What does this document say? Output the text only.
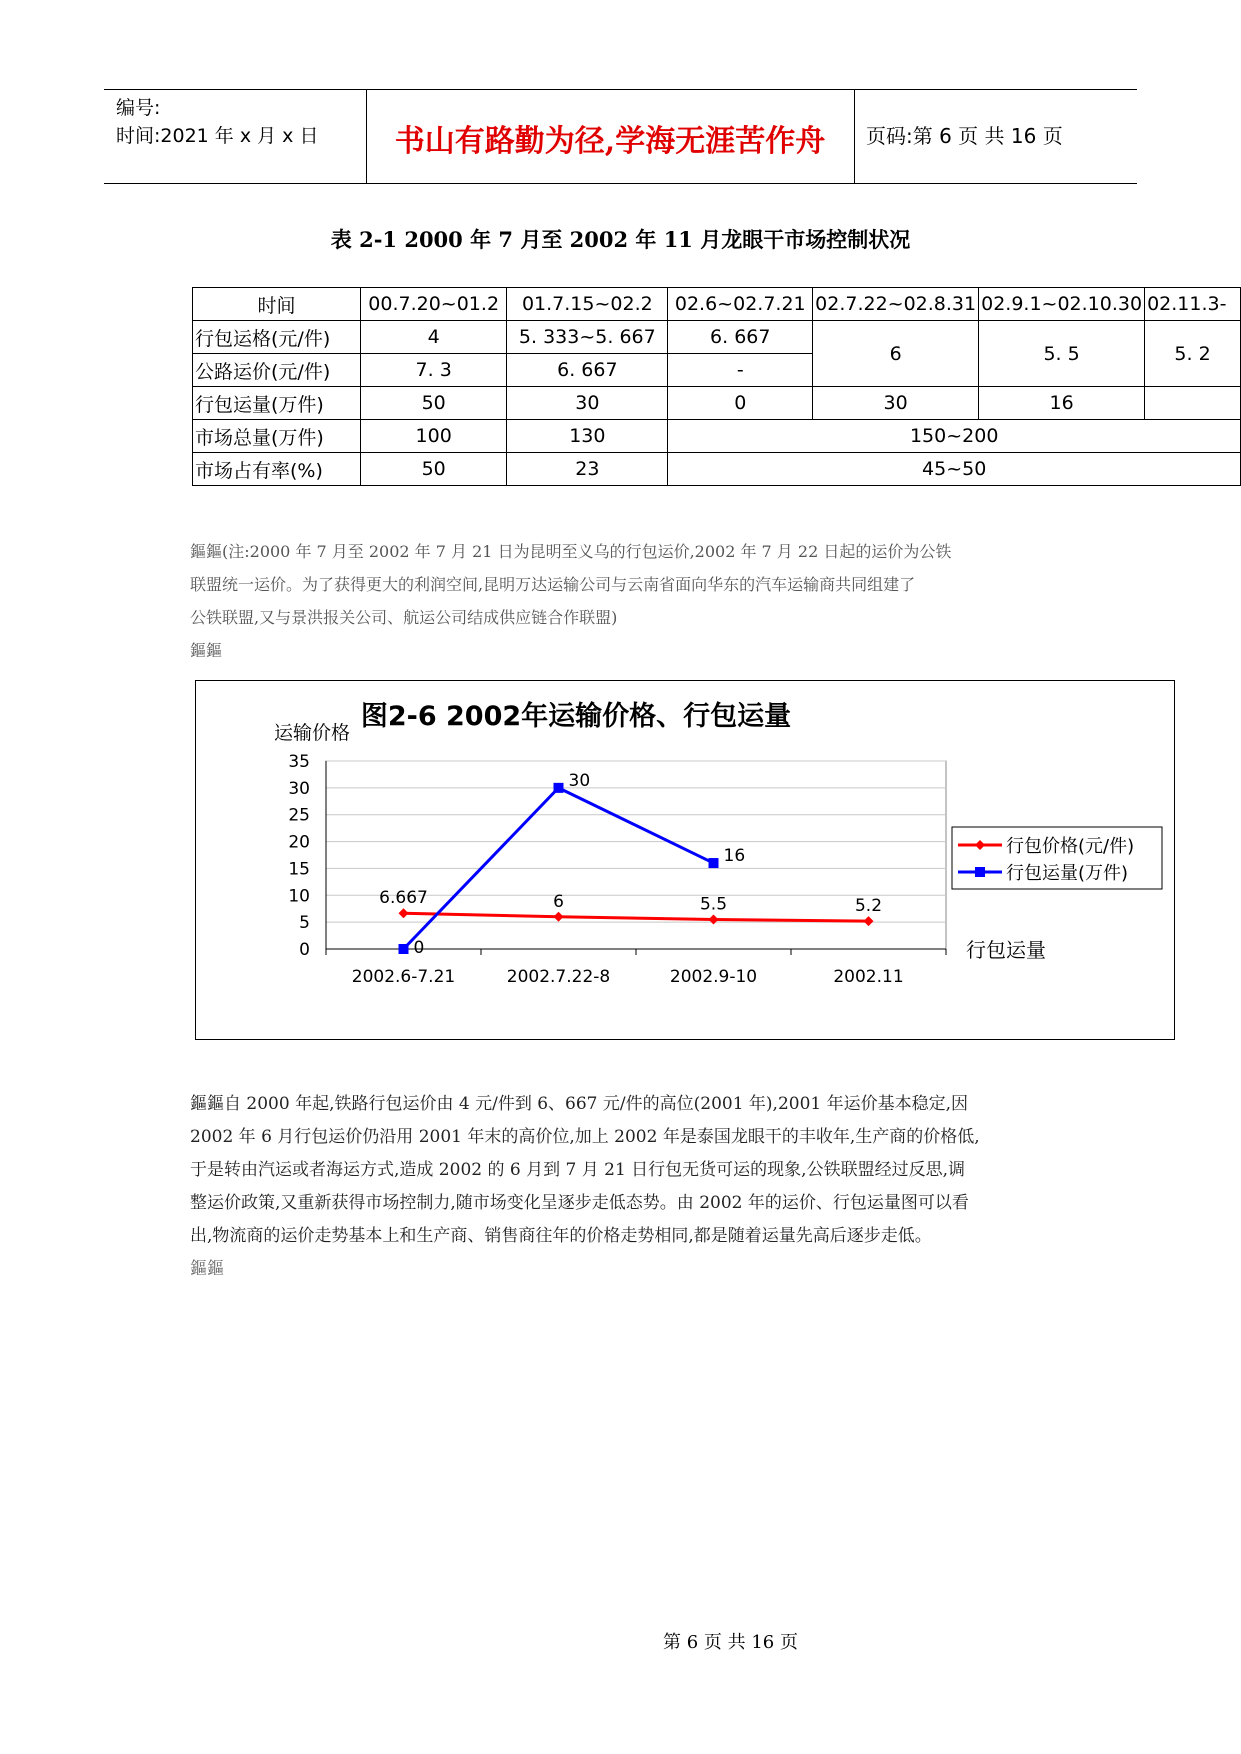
编号:
时间:2021 年 x 月 x 日	书山有路勤为径,学海无涯苦作舟	页码:第 6 页 共 16 页
表 2-1 2000 年 7 月至 2002 年 11 月龙眼干市场控制状况
时间	00.7.20~01.2	01.7.15~02.2	02.6~02.7.21	02.7.22~02.8.31	02.9.1~02.10.30	02.11.3-
行包运格(元/件)	4	5. 333~5. 667	6. 667	6	5. 5	5. 2
公路运价(元/件)	7. 3	6. 667	-			
行包运量(万件)	50	30	0	30	16	
市场总量(万件)	100	130	150~200			
市场占有率(%)	50	23	45~50			
鏂鏂(注:2000 年 7 月至 2002 年 7 月 21 日为昆明至义乌的行包运价,2002 年 7 月 22 日起的运价为公铁
联盟统一运价。为了获得更大的利润空间,昆明万达运输公司与云南省面向华东的汽车运输商共同组建了
公铁联盟,又与景洪报关公司、航运公司结成供应链合作联盟)
鏂鏂
0
5
10
15
20
25
30
35
2002.6-7.21	2002.7.22-8	2002.9-10	2002.11
图2-6 2002年运输价格、行包运量
运输价格
行包运量
6.667	6	5.5	5.2
0
30
16	行包价格(元/件)
行包运量(万件)
鏂鏂自 2000 年起,铁路行包运价由 4 元/件到 6、667 元/件的高位(2001 年),2001 年运价基本稳定,因
2002 年 6 月行包运价仍沿用 2001 年末的高价位,加上 2002 年是泰国龙眼干的丰收年,生产商的价格低,
于是转由汽运或者海运方式,造成 2002 的 6 月到 7 月 21 日行包无货可运的现象,公铁联盟经过反思,调
整运价政策,又重新获得市场控制力,随市场变化呈逐步走低态势。由 2002 年的运价、行包运量图可以看
出,物流商的运价走势基本上和生产商、销售商往年的价格走势相同,都是随着运量先高后逐步走低。
鏂鏂
第 6 页 共 16 页
